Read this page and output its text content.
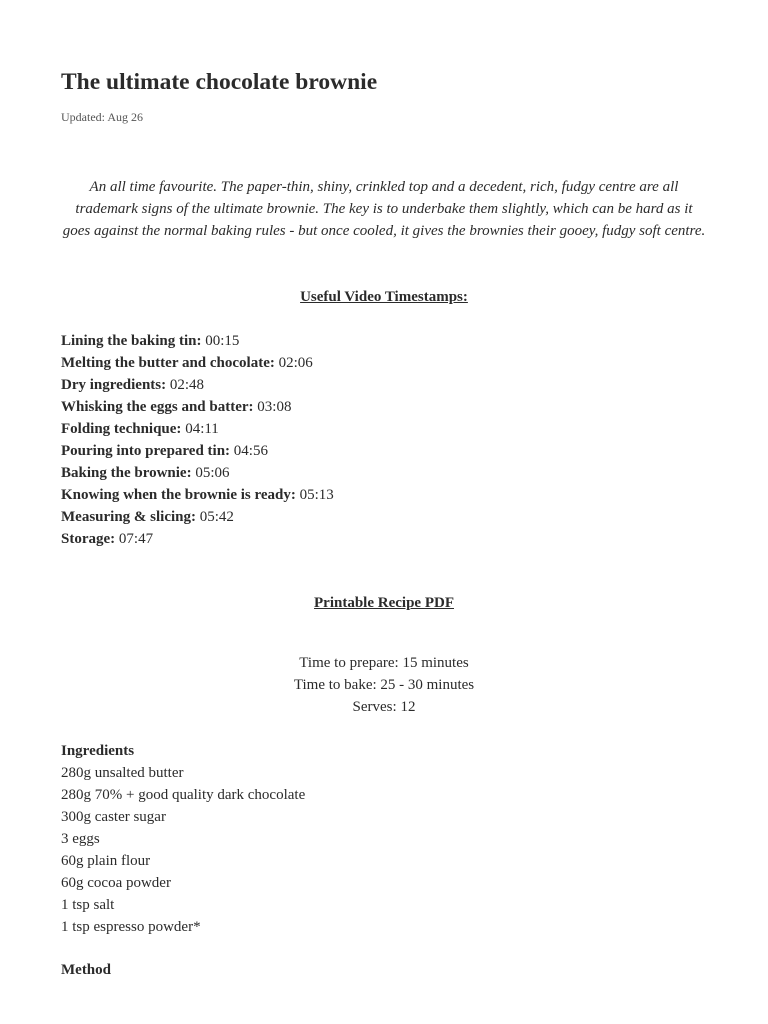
The ultimate chocolate brownie
Updated: Aug 26

An all time favourite. The paper-thin, shiny, crinkled top and a decedent, rich, fudgy centre are all trademark signs of the ultimate brownie. The key is to underbake them slightly, which can be hard as it goes against the normal baking rules - but once cooled, it gives the brownies their gooey, fudgy soft centre.

Useful Video Timestamps:
Lining the baking tin: 00:15
Melting the butter and chocolate: 02:06
Dry ingredients: 02:48
Whisking the eggs and batter: 03:08
Folding technique: 04:11
Pouring into prepared tin: 04:56
Baking the brownie: 05:06
Knowing when the brownie is ready: 05:13
Measuring & slicing: 05:42
Storage: 07:47
Printable Recipe PDF
Time to prepare: 15 minutes
Time to bake: 25 - 30 minutes
Serves: 12
Ingredients
280g unsalted butter
280g 70% + good quality dark chocolate
300g caster sugar
3 eggs
60g plain flour
60g cocoa powder
1 tsp salt
1 tsp espresso powder*
Method
